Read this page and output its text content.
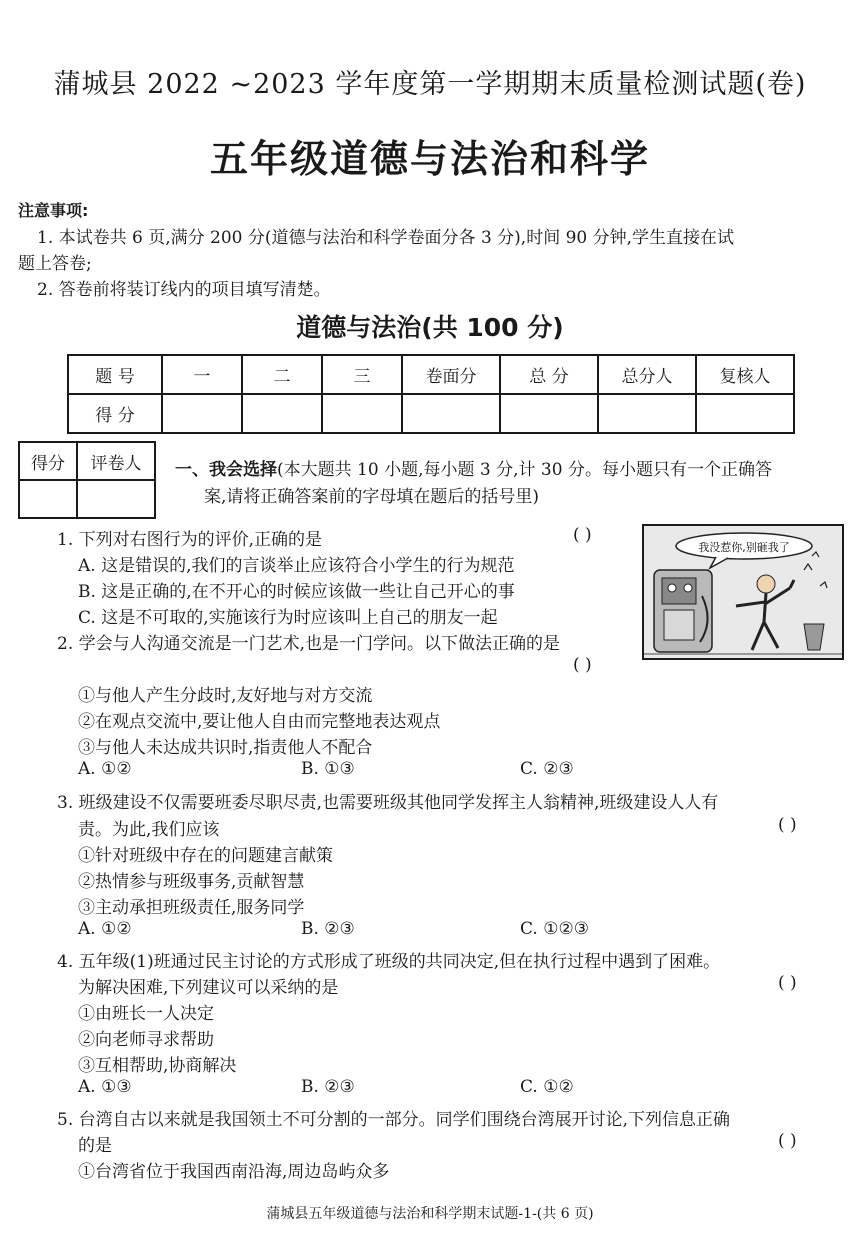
蒲城县 2022 ~2023 学年度第一学期期末质量检测试题(卷)
五年级道德与法治和科学
注意事项:
1. 本试卷共 6 页,满分 200 分(道德与法治和科学卷面分各 3 分),时间 90 分钟,学生直接在试
题上答卷;
2. 答卷前将装订线内的项目填写清楚。
道德与法治(共 100 分)
题 号	一	二	三	卷面分	总 分	总分人	复核人
得 分							
得分	评卷人
	一、我会选择(本大题共 10 小题,每小题 3 分,计 30 分。每小题只有一个正确答
案,请将正确答案前的字母填在题后的括号里)
我没惹你,别砸我了
1. 下列对右图行为的评价,正确的是	( )
A. 这是错误的,我们的言谈举止应该符合小学生的行为规范
B. 这是正确的,在不开心的时候应该做一些让自己开心的事
C. 这是不可取的,实施该行为时应该叫上自己的朋友一起
2. 学会与人沟通交流是一门艺术,也是一门学问。以下做法正确的是
( )
①与他人产生分歧时,友好地与对方交流
②在观点交流中,要让他人自由而完整地表达观点
③与他人未达成共识时,指责他人不配合
A. ①②	B. ①③	C. ②③
3. 班级建设不仅需要班委尽职尽责,也需要班级其他同学发挥主人翁精神,班级建设人人有
责。为此,我们应该	( )
①针对班级中存在的问题建言献策
②热情参与班级事务,贡献智慧
③主动承担班级责任,服务同学
A. ①②	B. ②③	C. ①②③
4. 五年级(1)班通过民主讨论的方式形成了班级的共同决定,但在执行过程中遇到了困难。
为解决困难,下列建议可以采纳的是	( )
①由班长一人决定
②向老师寻求帮助
③互相帮助,协商解决
A. ①③	B. ②③	C. ①②
5. 台湾自古以来就是我国领土不可分割的一部分。同学们围绕台湾展开讨论,下列信息正确
的是	( )
①台湾省位于我国西南沿海,周边岛屿众多
蒲城县五年级道德与法治和科学期末试题-1-(共 6 页)
